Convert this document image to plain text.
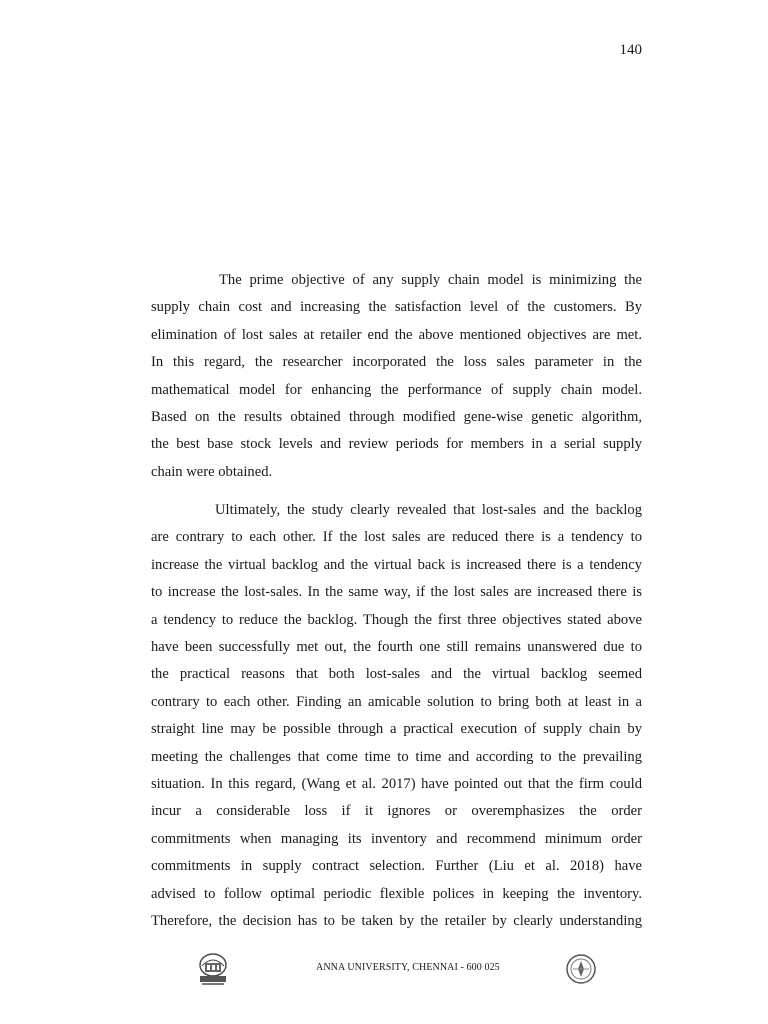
140
The prime objective of any supply chain model is minimizing the
supply chain cost and increasing the satisfaction level of the customers. By
elimination of lost sales at retailer end the above mentioned objectives are met.
In this regard, the researcher incorporated the loss sales parameter in the
mathematical model for enhancing the performance of supply chain model.
Based on the results obtained through modified gene-wise genetic algorithm,
the best base stock levels and review periods for members in a serial supply
chain were obtained.
Ultimately, the study clearly revealed that lost-sales and the backlog
are contrary to each other. If the lost sales are reduced there is a tendency to
increase the virtual backlog and the virtual back is increased there is a tendency
to increase the lost-sales. In the same way, if the lost sales are increased there is
a tendency to reduce the backlog. Though the first three objectives stated above
have been successfully met out, the fourth one still remains unanswered due to
the practical reasons that both lost-sales and the virtual backlog seemed
contrary to each other. Finding an amicable solution to bring both at least in a
straight line may be possible through a practical execution of supply chain by
meeting the challenges that come time to time and according to the prevailing
situation. In this regard, (Wang et al. 2017) have pointed out that the firm could
incur a considerable loss if it ignores or overemphasizes the order
commitments when managing its inventory and recommend minimum order
commitments in supply contract selection. Further (Liu et al. 2018) have
advised to follow optimal periodic flexible polices in keeping the inventory.
Therefore, the decision has to be taken by the retailer by clearly understanding
ANNA UNIVERSITY, CHENNAI - 600 025
